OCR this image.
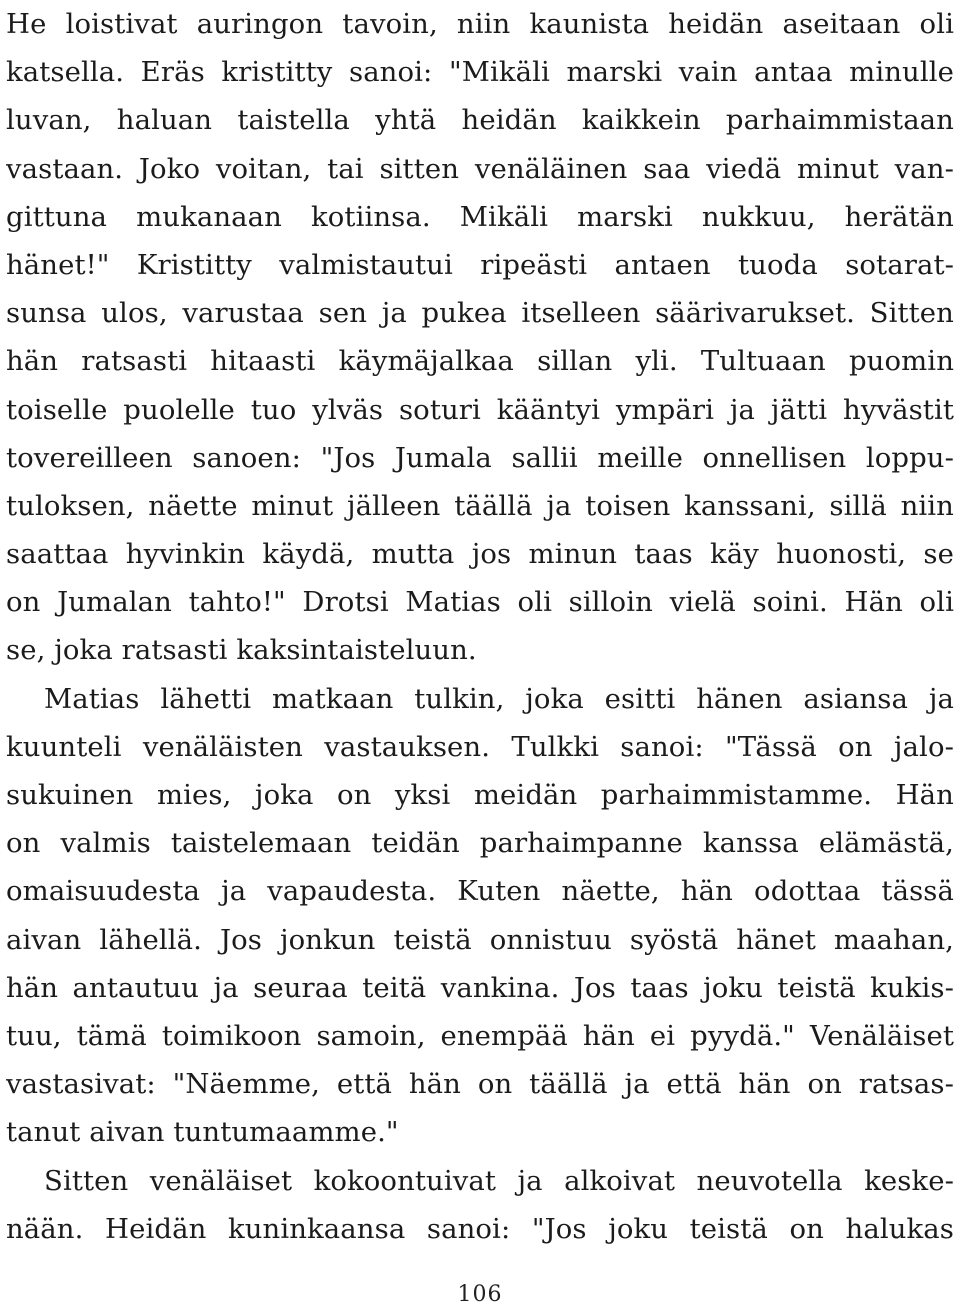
He loistivat auringon tavoin, niin kaunista heidän aseitaan oli
katsella. Eräs kristitty sanoi: "Mikäli marski vain antaa minulle
luvan, haluan taistella yhtä heidän kaikkein parhaimmistaan
vastaan. Joko voitan, tai sitten venäläinen saa viedä minut van-
gittuna mukanaan kotiinsa. Mikäli marski nukkuu, herätän
hänet!" Kristitty valmistautui ripeästi antaen tuoda sotarat-
sunsa ulos, varustaa sen ja pukea itselleen säärivarukset. Sitten
hän ratsasti hitaasti käymäjalkaa sillan yli. Tultuaan puomin
toiselle puolelle tuo ylväs soturi kääntyi ympäri ja jätti hyvästit
tovereilleen sanoen: "Jos Jumala sallii meille onnellisen loppu-
tuloksen, näette minut jälleen täällä ja toisen kanssani, sillä niin
saattaa hyvinkin käydä, mutta jos minun taas käy huonosti, se
on Jumalan tahto!" Drotsi Matias oli silloin vielä soini. Hän oli
se, joka ratsasti kaksintaisteluun.
Matias lähetti matkaan tulkin, joka esitti hänen asiansa ja
kuunteli venäläisten vastauksen. Tulkki sanoi: "Tässä on jalo-
sukuinen mies, joka on yksi meidän parhaimmistamme. Hän
on valmis taistelemaan teidän parhaimpanne kanssa elämästä,
omaisuudesta ja vapaudesta. Kuten näette, hän odottaa tässä
aivan lähellä. Jos jonkun teistä onnistuu syöstä hänet maahan,
hän antautuu ja seuraa teitä vankina. Jos taas joku teistä kukis-
tuu, tämä toimikoon samoin, enempää hän ei pyydä." Venäläiset
vastasivat: "Näemme, että hän on täällä ja että hän on ratsas-
tanut aivan tuntumaamme."
Sitten venäläiset kokoontuivat ja alkoivat neuvotella keske-
nään. Heidän kuninkaansa sanoi: "Jos joku teistä on halukas
106
